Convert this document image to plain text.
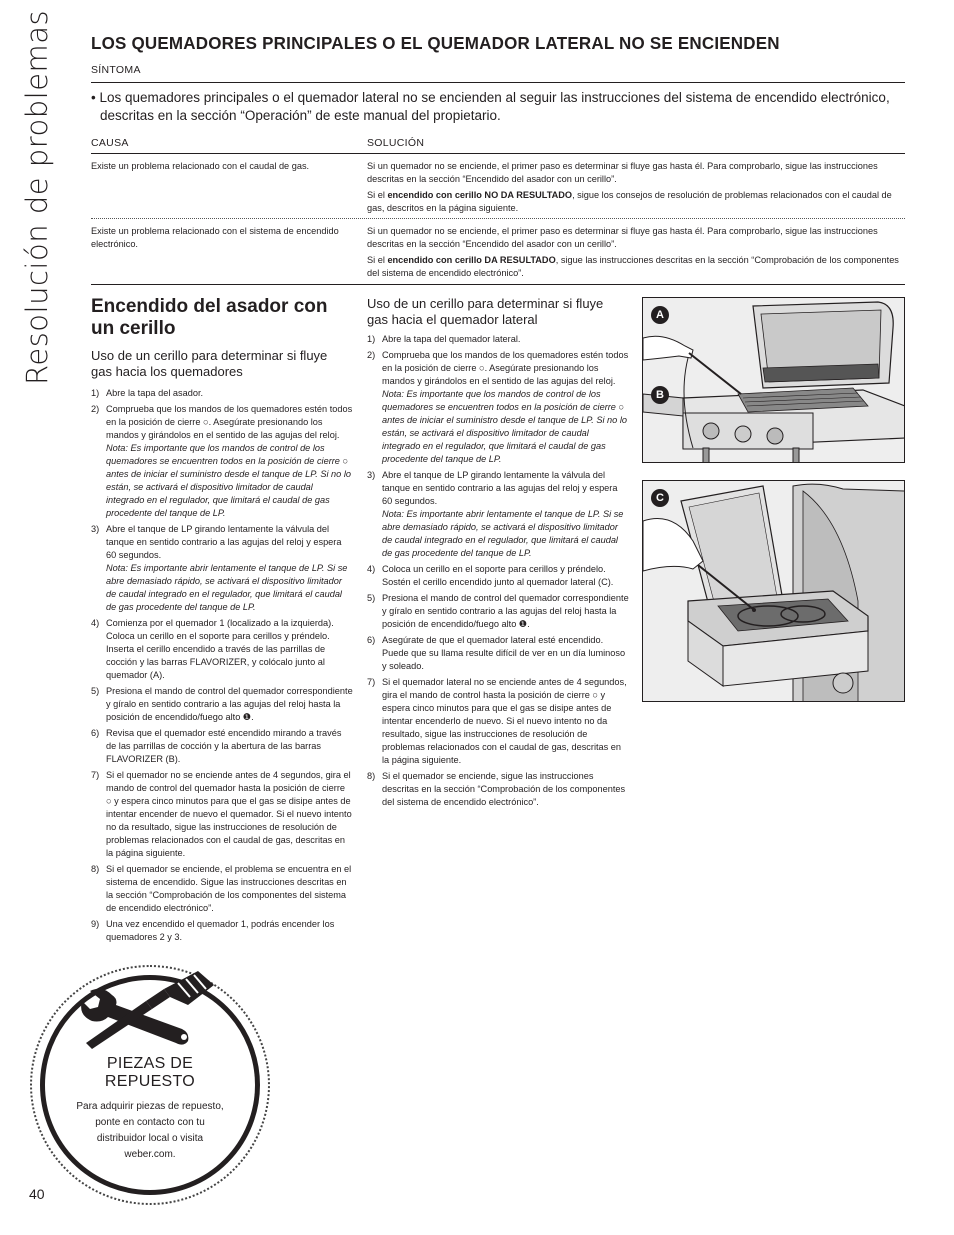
Resolución de problemas LOS QUEMADORES PRINCIPALES O EL QUEMADOR LATERAL NO SE ENCIENDEN
SÍNTOMA
• Los quemadores principales o el quemador lateral no se encienden al seguir las instrucciones del sistema de encendido electrónico, descritas en la sección “Operación” de este manual del propietario.
CAUSA	SOLUCIÓN
Existe un problema relacionado con el caudal de gas.	Si un quemador no se enciende, el primer paso es determinar si fluye gas hasta él. Para comprobarlo, sigue las instrucciones descritas en la sección “Encendido del asador con un cerillo”.

Si el encendido con cerillo NO DA RESULTADO, sigue los consejos de resolución de problemas relacionados con el caudal de gas, descritos en la página siguiente.

Existe un problema relacionado con el sistema de encendido electrónico.

Si un quemador no se enciende, el primer paso es determinar si fluye gas hasta él. Para comprobarlo, sigue las instrucciones descritas en la sección “Encendido del asador con un cerillo”.

Si el encendido con cerillo DA RESULTADO, sigue las instrucciones descritas en la sección “Comprobación de los componentes del sistema de encendido electrónico”.

Encendido del asador con un cerillo
Uso de un cerillo para determinar si fluye gas hacia los quemadores
1) Abre la tapa del asador.
2) Comprueba que los mandos de los quemadores estén todos en la posición de cierre ○. Asegúrate presionando los mandos y girándolos en el sentido de las agujas del reloj.
Nota: Es importante que los mandos de control de los quemadores se encuentren todos en la posición de cierre ○ antes de iniciar el suministro desde el tanque de LP. Si no lo están, se activará el dispositivo limitador de caudal integrado en el regulador, que limitará el caudal de gas procedente del tanque de LP.
3) Abre el tanque de LP girando lentamente la válvula del tanque en sentido contrario a las agujas del reloj y espera 60 segundos.
Nota: Es importante abrir lentamente el tanque de LP. Si se abre demasiado rápido, se activará el dispositivo limitador de caudal integrado en el regulador, que limitará el caudal de gas procedente del tanque de LP.
4) Comienza por el quemador 1 (localizado a la izquierda). Coloca un cerillo en el soporte para cerillos y préndelo. Inserta el cerillo encendido a través de las parrillas de cocción y las barras FLAVORIZER, y colócalo junto al quemador (A).
5) Presiona el mando de control del quemador correspondiente y gíralo en sentido contrario a las agujas del reloj hasta la posición de encendido/fuego alto ❶.
6) Revisa que el quemador esté encendido mirando a través de las parrillas de cocción y la abertura de las barras FLAVORIZER (B).
7) Si el quemador no se enciende antes de 4 segundos, gira el mando de control del quemador hasta la posición de cierre ○ y espera cinco minutos para que el gas se disipe antes de intentar encender de nuevo el quemador. Si el nuevo intento no da resultado, sigue las instrucciones de resolución de problemas relacionados con el caudal de gas, descritas en la página siguiente.
8) Si el quemador se enciende, el problema se encuentra en el sistema de encendido. Sigue las instrucciones descritas en la sección “Comprobación de los componentes del sistema de encendido electrónico”.
9) Una vez encendido el quemador 1, podrás encender los quemadores 2 y 3.
Uso de un cerillo para determinar si fluye gas hacia el quemador lateral
1) Abre la tapa del quemador lateral.
2) Comprueba que los mandos de los quemadores estén todos en la posición de cierre ○. Asegúrate presionando los mandos y girándolos en el sentido de las agujas del reloj.
Nota: Es importante que los mandos de control de los quemadores se encuentren todos en la posición de cierre ○ antes de iniciar el suministro desde el tanque de LP. Si no lo están, se activará el dispositivo limitador de caudal integrado en el regulador, que limitará el caudal de gas procedente del tanque de LP.
3) Abre el tanque de LP girando lentamente la válvula del tanque en sentido contrario a las agujas del reloj y espera 60 segundos.
Nota: Es importante abrir lentamente el tanque de LP. Si se abre demasiado rápido, se activará el dispositivo limitador de caudal integrado en el regulador, que limitará el caudal de gas procedente del tanque de LP.
4) Coloca un cerillo en el soporte para cerillos y préndelo. Sostén el cerillo encendido junto al quemador lateral (C).
5) Presiona el mando de control del quemador correspondiente y gíralo en sentido contrario a las agujas del reloj hasta la posición de encendido/fuego alto ❶.
6) Asegúrate de que el quemador lateral esté encendido. Puede que su llama resulte difícil de ver en un día luminoso y soleado.
7) Si el quemador lateral no se enciende antes de 4 segundos, gira el mando de control hasta la posición de cierre ○ y espera cinco minutos para que el gas se disipe antes de intentar encenderlo de nuevo. Si el nuevo intento no da resultado, sigue las instrucciones de resolución de problemas relacionados con el caudal de gas, descritas en la página siguiente.
8) Si el quemador se enciende, sigue las instrucciones descritas en la sección “Comprobación de los componentes del sistema de encendido electrónico”.
A
B
C
PIEZAS DE
REPUESTO
Para adquirir piezas de repuesto, ponte en contacto con tu distribuidor local o visita weber.com.
40
